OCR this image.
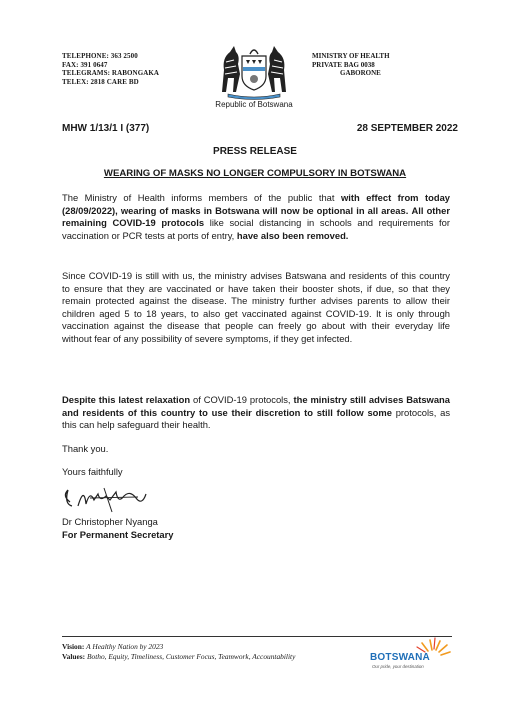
TELEPHONE: 363 2500
FAX: 391 0647
TELEGRAMS: RABONGAKA
TELEX: 2818 CARE BD
Republic of Botswana
MINISTRY OF HEALTH
PRIVATE BAG 0038
GABORONE
MHW 1/13/1 I (377)	28 SEPTEMBER 2022
PRESS RELEASE
WEARING OF MASKS NO LONGER COMPULSORY IN BOTSWANA

The Ministry of Health informs members of the public that with effect from today (28/09/2022), wearing of masks in Botswana will now be optional in all areas. All other remaining COVID-19 protocols like social distancing in schools and requirements for vaccination or PCR tests at ports of entry, have also been removed.

Since COVID-19 is still with us, the ministry advises Batswana and residents of this country to ensure that they are vaccinated or have taken their booster shots, if due, so that they remain protected against the disease. The ministry further advises parents to allow their children aged 5 to 18 years, to also get vaccinated against COVID-19. It is only through vaccination against the disease that people can freely go about with their everyday life without fear of any possibility of severe symptoms, if they get infected.

Despite this latest relaxation of COVID-19 protocols, the ministry still advises Batswana and residents of this country to use their discretion to still follow some protocols, as this can help safeguard their health.

Thank you.
Yours faithfully
Dr Christopher Nyanga
For Permanent Secretary
Vision: A Healthy Nation by 2023
Values: Botho, Equity, Timeliness, Customer Focus, Teamwork, Accountability	BOTSWANA
Our pride, your destination
